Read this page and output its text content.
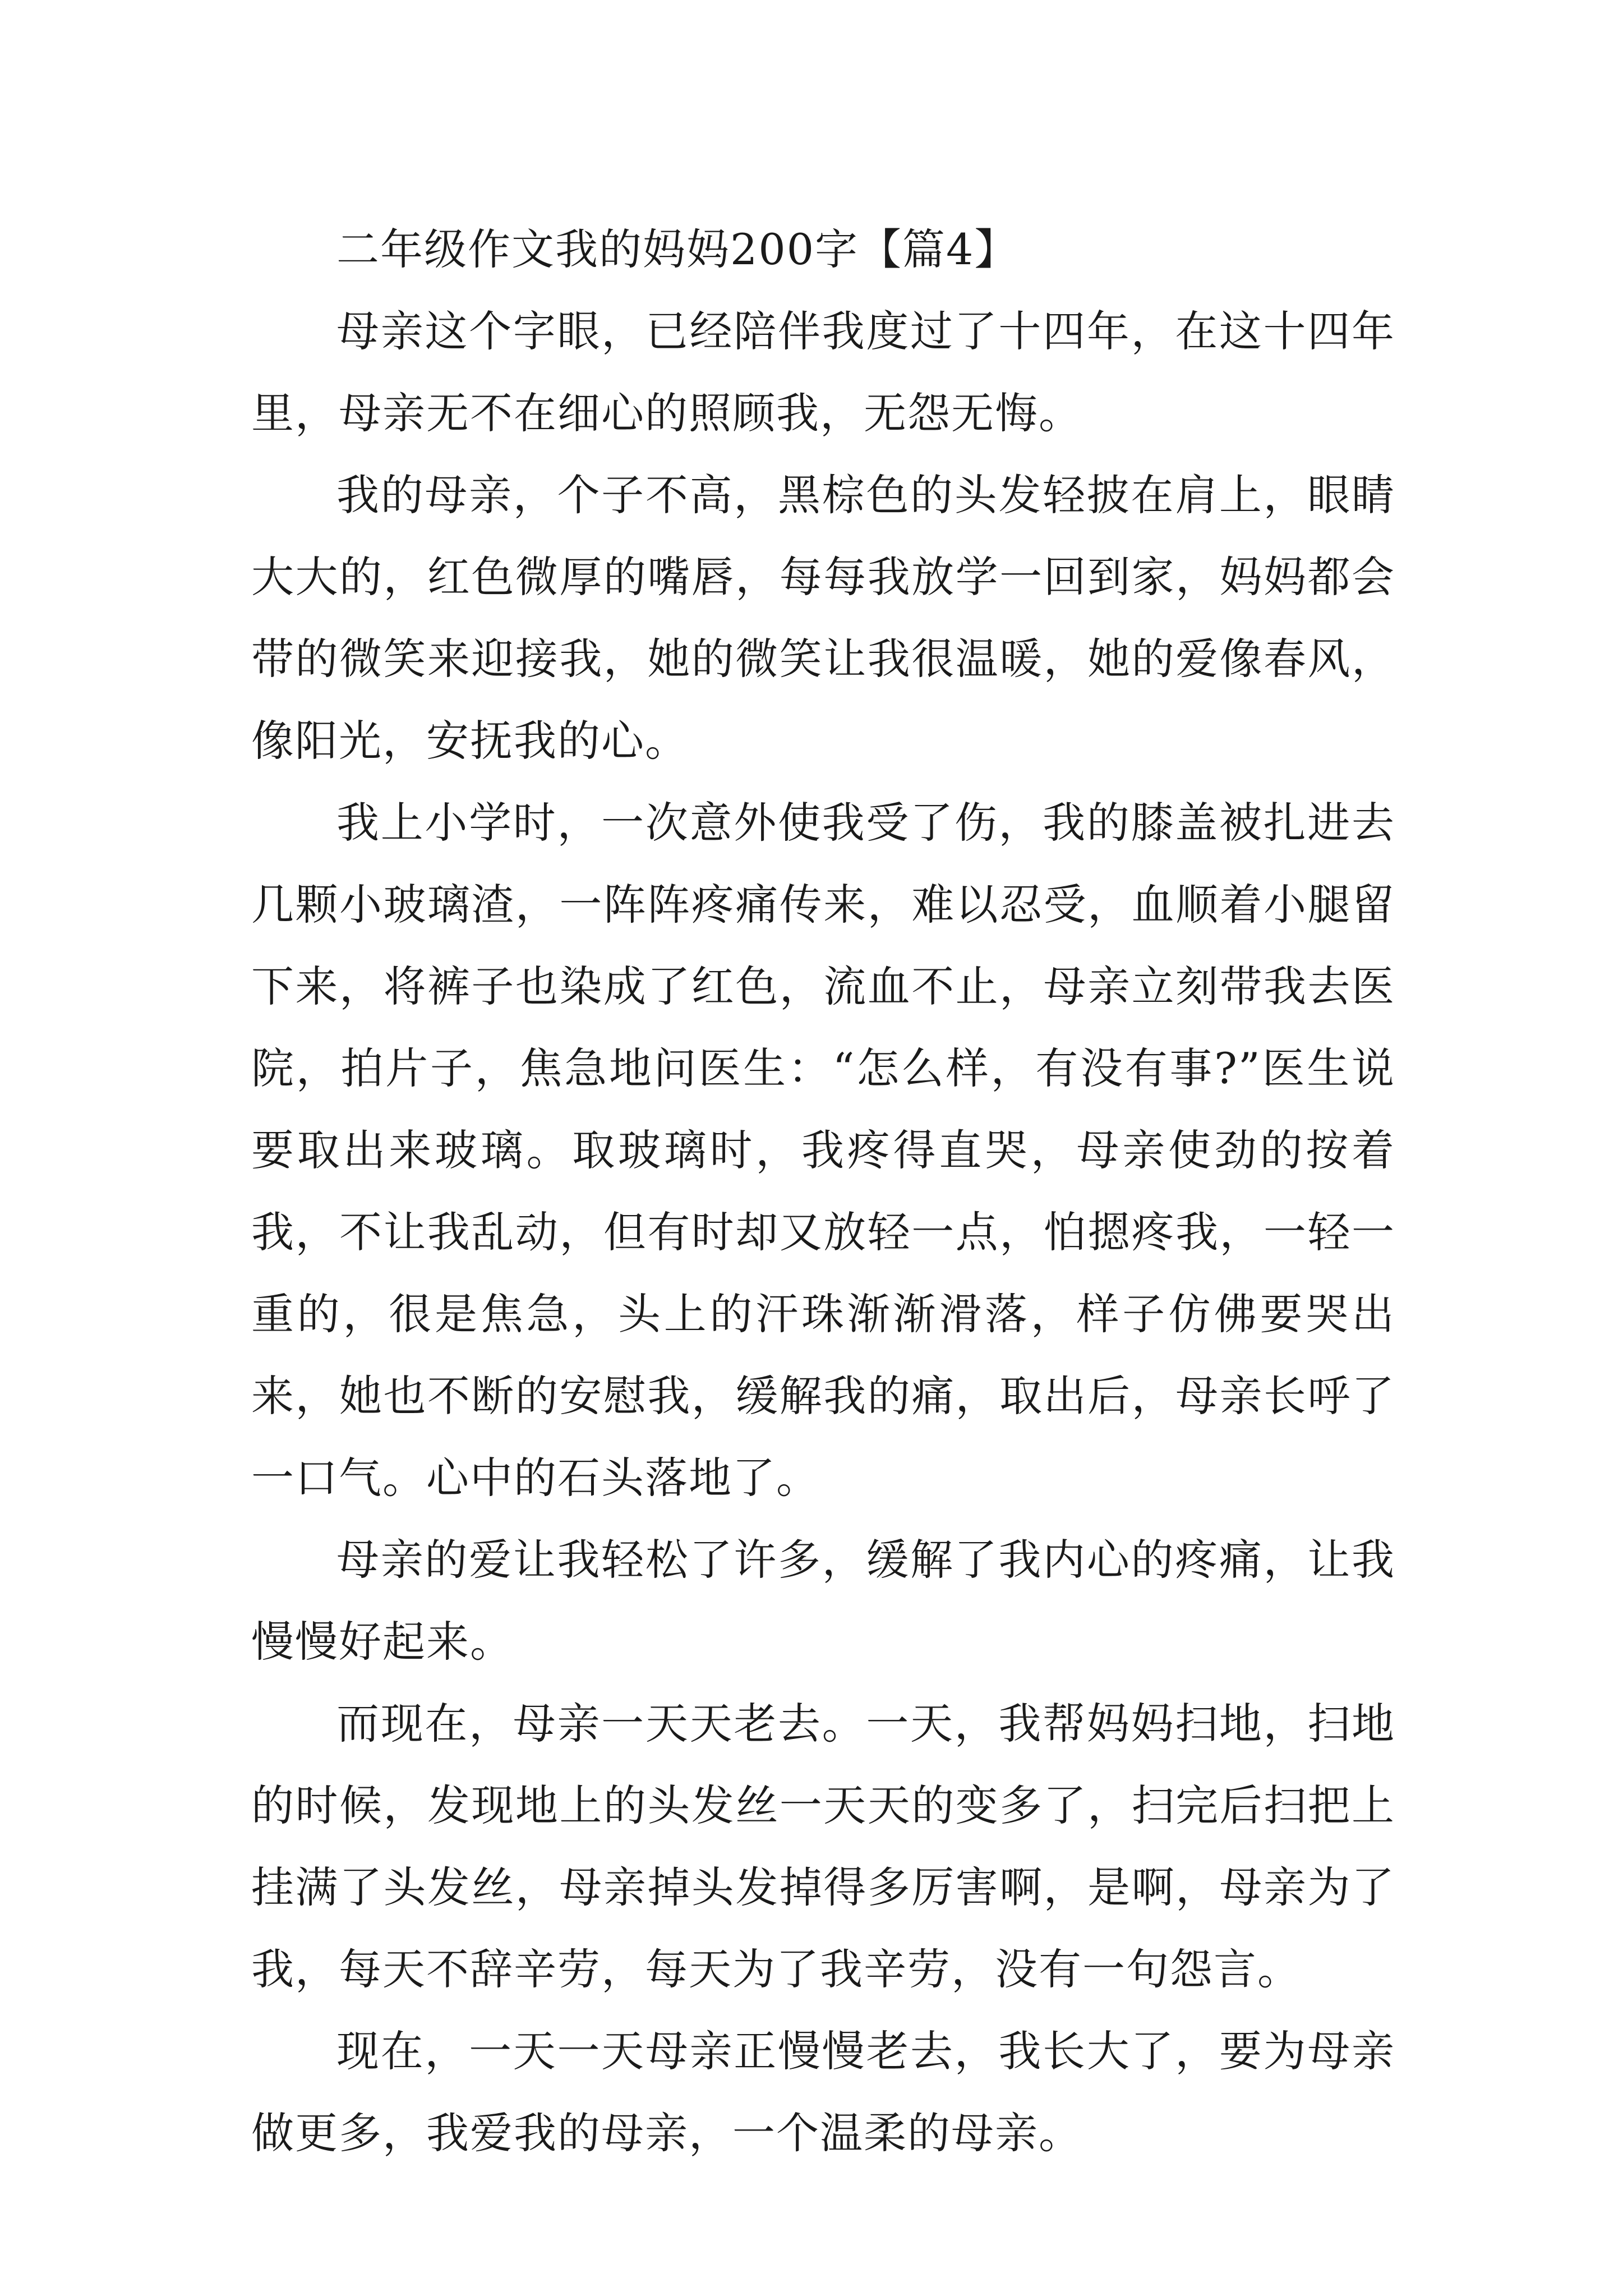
二年级作文我的妈妈200字【篇4】

母亲这个字眼，已经陪伴我度过了十四年，在这十四年里，母亲无不在细心的照顾我，无怨无悔。

我的母亲，个子不高，黑棕色的头发轻披在肩上，眼睛大大的，红色微厚的嘴唇，每每我放学一回到家，妈妈都会带的微笑来迎接我，她的微笑让我很温暖，她的爱像春风，像阳光，安抚我的心。

我上小学时，一次意外使我受了伤，我的膝盖被扎进去几颗小玻璃渣，一阵阵疼痛传来，难以忍受，血顺着小腿留下来，将裤子也染成了红色，流血不止，母亲立刻带我去医院，拍片子，焦急地问医生：“怎么样，有没有事?”医生说要取出来玻璃。取玻璃时，我疼得直哭，母亲使劲的按着我，不让我乱动，但有时却又放轻一点，怕摁疼我，一轻一重的，很是焦急，头上的汗珠渐渐滑落，样子仿佛要哭出来，她也不断的安慰我，缓解我的痛，取出后，母亲长呼了一口气。心中的石头落地了。

母亲的爱让我轻松了许多，缓解了我内心的疼痛，让我慢慢好起来。

而现在，母亲一天天老去。一天，我帮妈妈扫地，扫地的时候，发现地上的头发丝一天天的变多了，扫完后扫把上挂满了头发丝，母亲掉头发掉得多厉害啊，是啊，母亲为了我，每天不辞辛劳，每天为了我辛劳，没有一句怨言。

现在，一天一天母亲正慢慢老去，我长大了，要为母亲做更多，我爱我的母亲，一个温柔的母亲。
